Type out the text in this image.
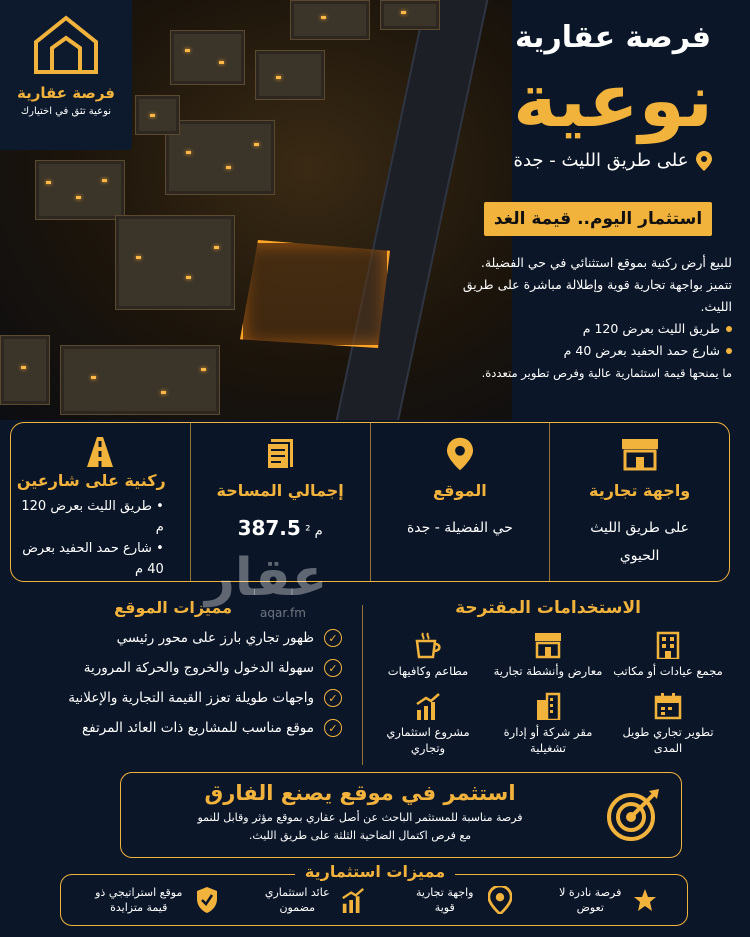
فرصة عقارية
نوعية تثق في اختيارك
فرصة عقارية
نوعية
على طريق الليث - جدة
استثمار اليوم.. قيمة الغد
للبيع أرض ركنية بموقع استثنائي في حي الفضيلة.
تتميز بواجهة تجارية قوية وإطلالة مباشرة على طريق الليث.
طريق الليث بعرض 120 م
شارع حمد الحفيد بعرض 40 م
ما يمنحها قيمة استثمارية عالية وفرص تطوير متعددة.
واجهة تجارية
على طريق الليث الحيوي
الموقع
حي الفضيلة - جدة
إجمالي المساحة
387.5 م ²
ركنية على شارعين
• طريق الليث بعرض 120 م
• شارع حمد الحفيد بعرض 40 م عقار
aqar.fm	الاستخدامات المقترحة
مجمع عيادات أو مكاتب
معارض وأنشطة تجارية
مطاعم وكافيهات
تطوير تجاري طويل المدى
مقر شركة أو إدارة تشغيلية
مشروع استثماري وتجاري
مميزات الموقع
✓
ظهور تجاري بارز على محور رئيسي
✓
سهولة الدخول والخروج والحركة المرورية
✓
واجهات طويلة تعزز القيمة التجارية والإعلانية
✓
موقع مناسب للمشاريع ذات العائد المرتفع
استثمر في موقع يصنع الفارق
فرصة مناسبة للمستثمر الباحث عن أصل عقاري بموقع مؤثر وقابل للنمو
مع فرص اكتمال الضاحية الثلثة على طريق الليث.
فرصة نادرة لا تعوض
واجهة تجارية قوية
عائد استثماري مضمون
موقع استراتيجي ذو قيمة متزايدة
مميزات استثمارية
